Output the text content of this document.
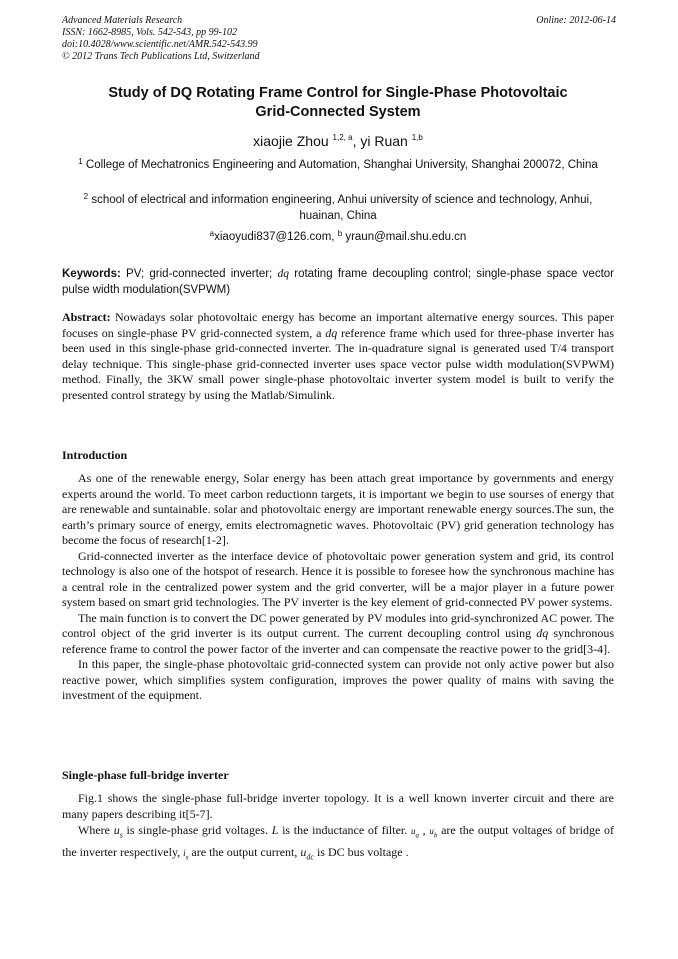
Advanced Materials Research
ISSN: 1662-8985, Vols. 542-543, pp 99-102
doi:10.4028/www.scientific.net/AMR.542-543.99
© 2012 Trans Tech Publications Ltd, Switzerland
Online: 2012-06-14
Study of DQ Rotating Frame Control for Single-Phase Photovoltaic
Grid-Connected System
xiaojie Zhou $^{1,2, a}$, yi Ruan $^{1,b}$
$^1$ College of Mechatronics Engineering and Automation, Shanghai University, Shanghai 200072, China
$^2$ school of electrical and information engineering, Anhui university of science and technology, Anhui, huainan, China
$^a$xiaoyudi837@126.com, $^b$ yraun@mail.shu.edu.cn
Keywords: PV; grid-connected inverter; dq rotating frame decoupling control; single-phase space vector pulse width modulation(SVPWM)
Abstract: Nowadays solar photovoltaic energy has become an important alternative energy sources. This paper focuses on single-phase PV grid-connected system, a dq reference frame which used for three-phase inverter has been used in this single-phase grid-connected inverter. The in-quadrature signal is generated used T/4 transport delay technique. This single-phase grid-connected inverter uses space vector pulse width modulation(SVPWM) method. Finally, the 3KW small power single-phase photovoltaic inverter system model is built to verify the presented control strategy by using the Matlab/Simulink.
Introduction
As one of the renewable energy, Solar energy has been attach great importance by governments and energy experts around the world. To meet carbon reductionn targets, it is important we begin to use sourses of energy that are renewable and suntainable. solar and photovoltaic energy are important renewable energy sources.The sun, the earth’s primary source of energy, emits electromagnetic waves. Photovoltaic (PV) grid generation technology has become the focus of research[1-2].
Grid-connected inverter as the interface device of photovoltaic power generation system and grid, its control technology is also one of the hotspot of research. Hence it is possible to foresee how the synchronous machine has a central role in the centralized power system and the grid converter, will be a major player in a future power system based on smart grid technologies. The PV inverter is the key element of grid-connected PV power systems.
The main function is to convert the DC power generated by PV modules into grid-synchronized AC power. The control object of the grid inverter is its output current. The current decoupling control using dq synchronous reference frame to control the power factor of the inverter and can compensate the reactive power to the grid[3-4].
In this paper, the single-phase photovoltaic grid-connected system can provide not only active power but also reactive power, which simplifies system configuration, improves the power quality of mains with saving the investment of the equipment.
Single-phase full-bridge inverter
Fig.1 shows the single-phase full-bridge inverter topology. It is a well known inverter circuit and there are many papers describing it[5-7].
Where $u_s$ is single-phase grid voltages. L is the inductance of filter. $u_a$ , $u_b$ are the output voltages of bridge of the inverter respectively, $i_s$ are the output current, $u_{dc}$ is DC bus voltage .
